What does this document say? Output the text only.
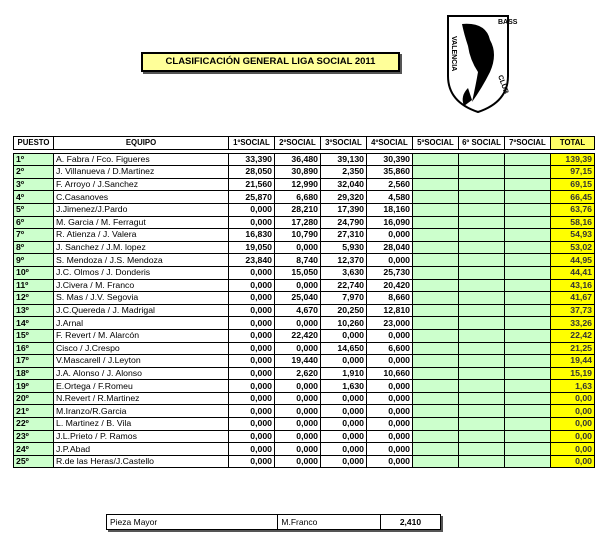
CLASIFICACIÓN GENERAL LIGA SOCIAL 2011
BASS
VALENCIA
CLUB
PUESTO	EQUIPO	1ºSOCIAL	2ºSOCIAL	3ºSOCIAL	4ºSOCIAL	5ºSOCIAL	6º SOCIAL	7ºSOCIAL	TOTAL

1º	A. Fabra / Fco. Figueres	33,390	36,480	39,130	30,390				139,39
2º	J. Villanueva / D.Martinez	28,050	30,890	2,350	35,860				97,15
3º	F. Arroyo / J.Sanchez	21,560	12,990	32,040	2,560				69,15
4º	C.Casanoves	25,870	6,680	29,320	4,580				66,45
5º	J.Jimenez/J.Pardo	0,000	28,210	17,390	18,160				63,76
6º	M. Garcia / M. Ferragut	0,000	17,280	24,790	16,090				58,16
7º	R. Atienza / J. Valera	16,830	10,790	27,310	0,000				54,93
8º	J. Sanchez / J.M. lopez	19,050	0,000	5,930	28,040				53,02
9º	S. Mendoza / J.S. Mendoza	23,840	8,740	12,370	0,000				44,95
10º	J.C. Olmos / J. Donderis	0,000	15,050	3,630	25,730				44,41
11º	J.Civera / M. Franco	0,000	0,000	22,740	20,420				43,16
12º	S. Mas / J.V. Segovia	0,000	25,040	7,970	8,660				41,67
13º	J.C.Quereda / J. Madrigal	0,000	4,670	20,250	12,810				37,73
14º	J.Arnal	0,000	0,000	10,260	23,000				33,26
15º	F. Revert / M. Alarcón	0,000	22,420	0,000	0,000				22,42
16º	Cisco / J.Crespo	0,000	0,000	14,650	6,600				21,25
17º	V.Mascarell / J.Leyton	0,000	19,440	0,000	0,000				19,44
18º	J.A. Alonso / J. Alonso	0,000	2,620	1,910	10,660				15,19
19º	E.Ortega / F.Romeu	0,000	0,000	1,630	0,000				1,63
20º	N.Revert / R.Martinez	0,000	0,000	0,000	0,000				0,00
21º	M.Iranzo/R.Garcia	0,000	0,000	0,000	0,000				0,00
22º	L. Martinez / B. Vila	0,000	0,000	0,000	0,000				0,00
23º	J.L.Prieto / P. Ramos	0,000	0,000	0,000	0,000				0,00
24º	J.P.Abad	0,000	0,000	0,000	0,000				0,00
25º	R.de las Heras/J.Castello	0,000	0,000	0,000	0,000				0,00
Pieza Mayor	M.Franco	2,410
